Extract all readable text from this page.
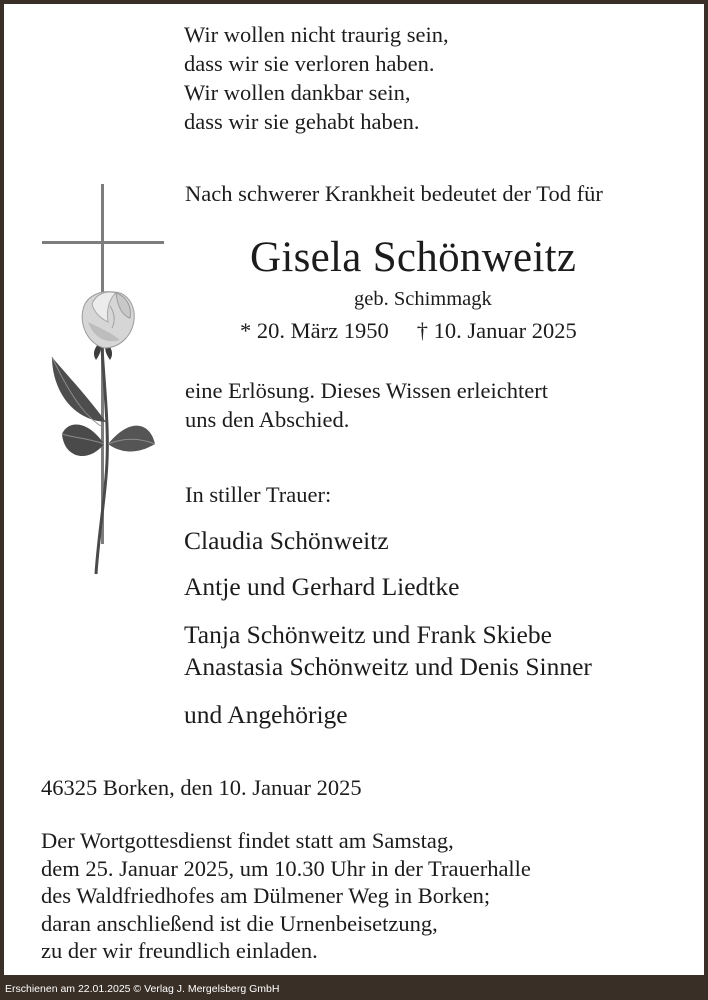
Wir wollen nicht traurig sein,
dass wir sie verloren haben.
Wir wollen dankbar sein,
dass wir sie gehabt haben.
Nach schwerer Krankheit bedeutet der Tod für
Gisela Schönweitz
geb. Schimmagk
* 20. März 1950 † 10. Januar 2025
eine Erlösung. Dieses Wissen erleichtert
uns den Abschied.
In stiller Trauer:
Claudia Schönweitz
Antje und Gerhard Liedtke
Tanja Schönweitz und Frank Skiebe
Anastasia Schönweitz und Denis Sinner
und Angehörige
46325 Borken, den 10. Januar 2025
Der Wortgottesdienst findet statt am Samstag,
dem 25. Januar 2025, um 10.30 Uhr in der Trauerhalle
des Waldfriedhofes am Dülmener Weg in Borken;
daran anschließend ist die Urnenbeisetzung,
zu der wir freundlich einladen.
Erschienen am 22.01.2025 © Verlag J. Mergelsberg GmbH
